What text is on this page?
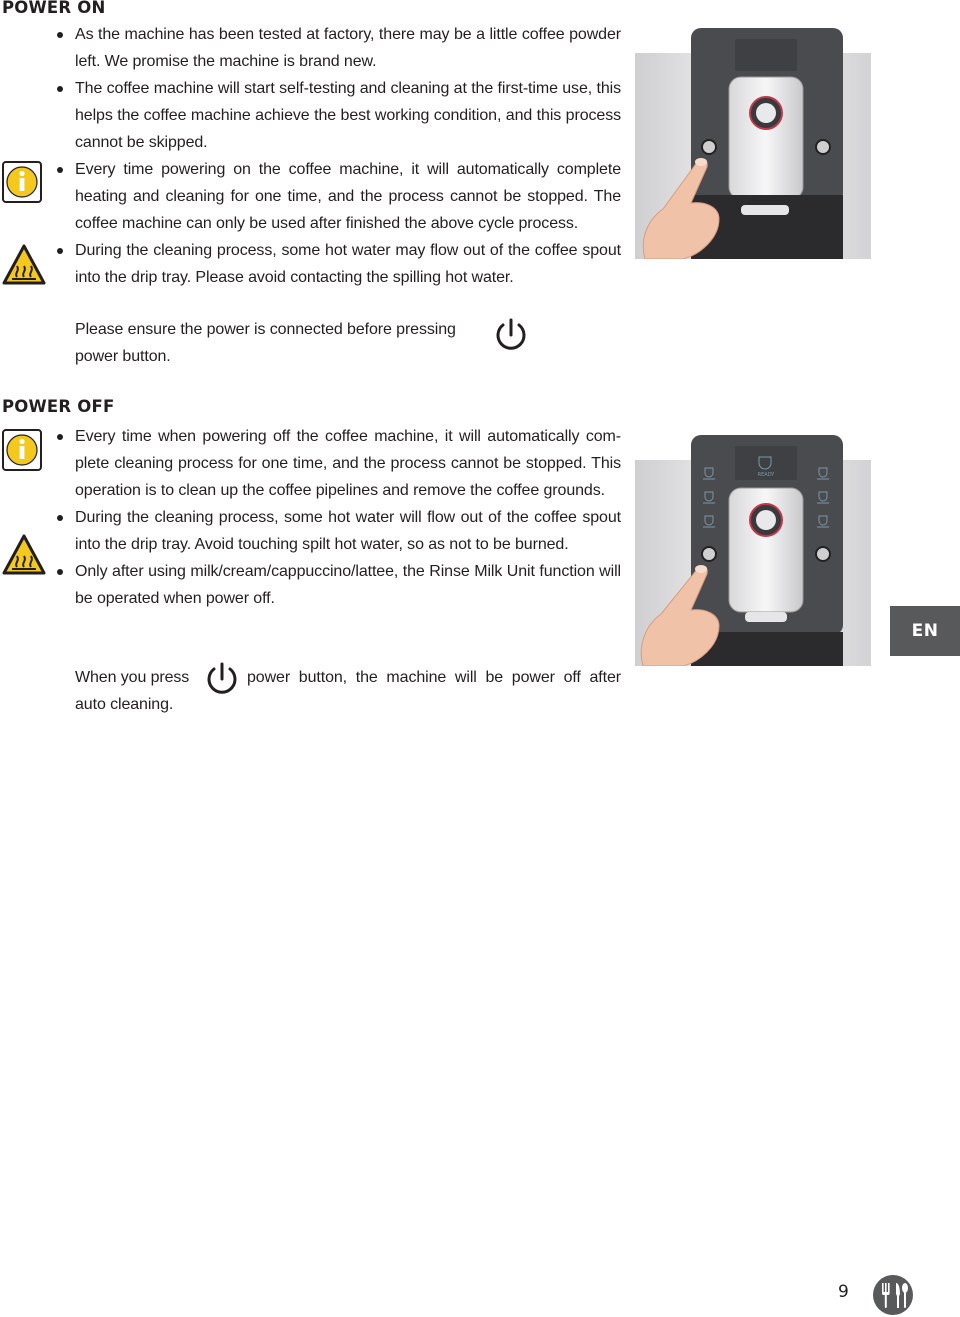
POWER ON
As the machine has been tested at factory, there may be a little coffee powder left. We promise the machine is brand new.
The coffee machine will start self-testing and cleaning at the first-time use, this helps the coffee machine achieve the best working condition, and this process cannot be skipped.
Every time powering on the coffee machine, it will automatically complete heating and cleaning for one time, and the process cannot be stopped. The coffee machine can only be used after finished the above cycle process.
During the cleaning process, some hot water may flow out of the coffee spout into the drip tray. Please avoid contacting the spilling hot water.

Please ensure the power is connected before pressing

power button.

POWER OFF
Every time when powering off the coffee machine, it will automatically com-plete cleaning process for one time, and the process cannot be stopped. This operation is to clean up the coffee pipelines and remove the coffee grounds.
During the cleaning process, some hot water will flow out of the coffee spout into the drip tray. Avoid touching spilt hot water, so as not to be burned.
Only after using milk/cream/cappuccino/lattee, the Rinse Milk Unit function will be operated when power off.

When you press	power button, the machine will be power off after

auto cleaning.

READY
EN
9
